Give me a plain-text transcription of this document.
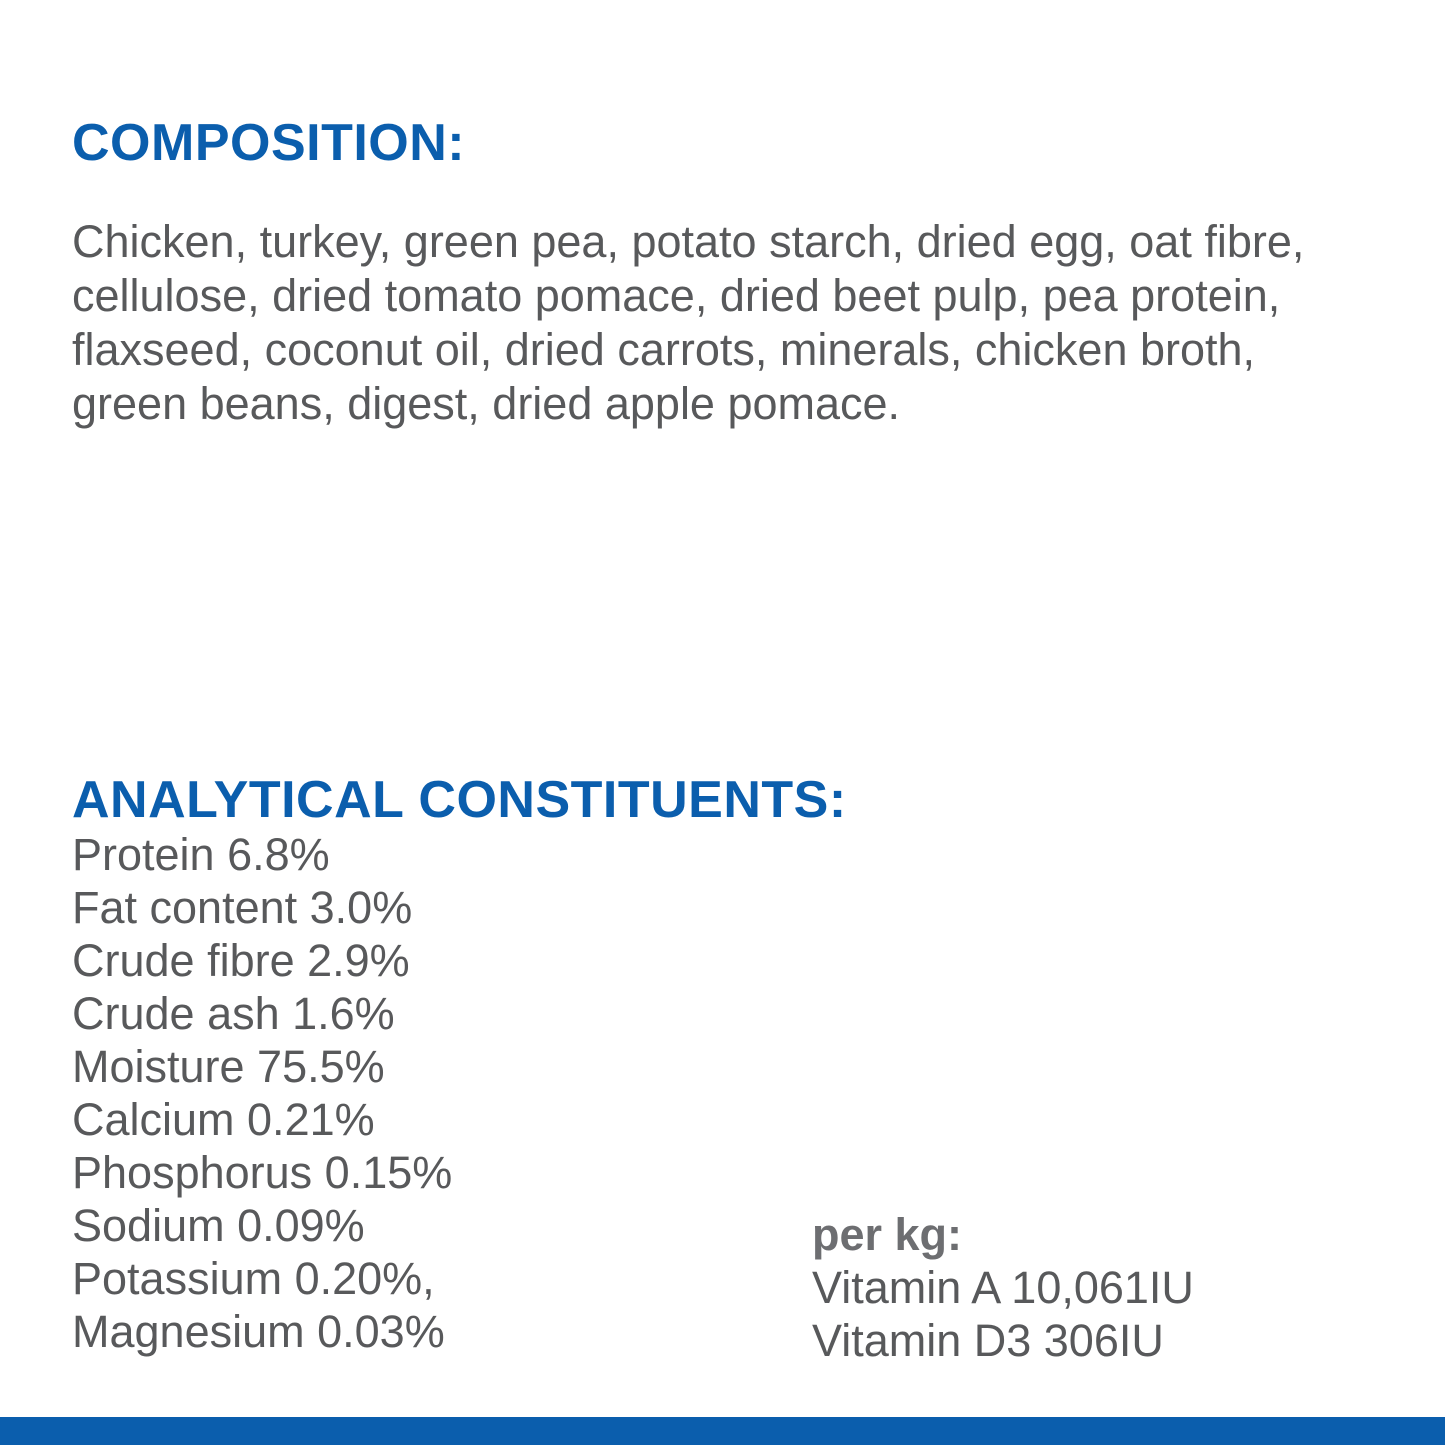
COMPOSITION:

Chicken, turkey, green pea, potato starch, dried egg, oat fibre, cellulose, dried tomato pomace, dried beet pulp, pea protein, flaxseed, coconut oil, dried carrots, minerals, chicken broth, green beans, digest, dried apple pomace.

ANALYTICAL CONSTITUENTS:
Protein 6.8%
Fat content 3.0%
Crude fibre 2.9%
Crude ash 1.6%
Moisture 75.5%
Calcium 0.21%
Phosphorus 0.15%
Sodium 0.09%
Potassium 0.20%,
Magnesium 0.03%
per kg:
Vitamin A 10,061IU
Vitamin D3 306IU
